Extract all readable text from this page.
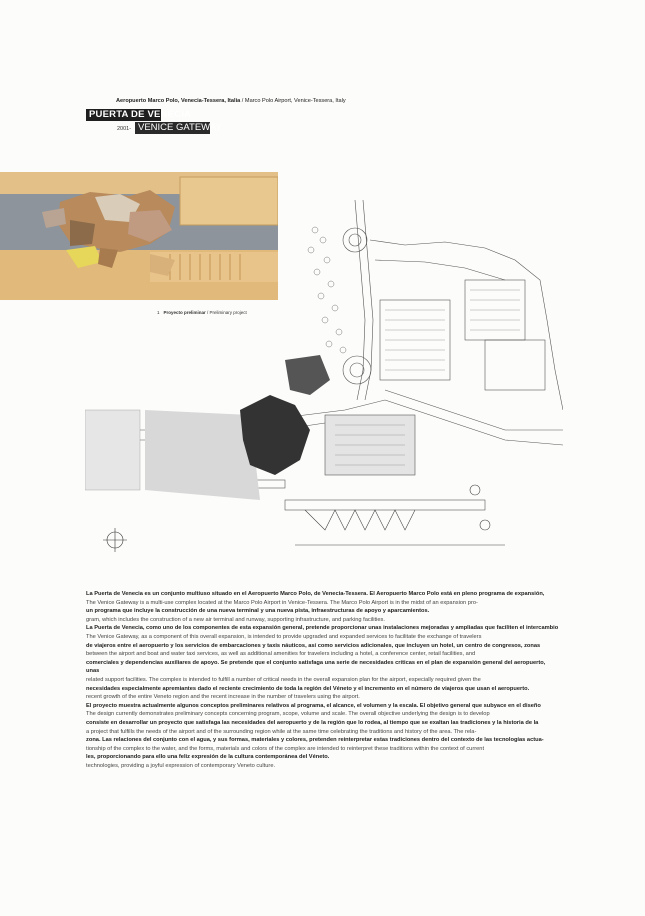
Aeropuerto Marco Polo, Venecia-Tessera, Italia / Marco Polo Airport, Venice-Tessera, Italy
PUERTA DE VENECIA
2001- VENICE GATEWAY
1 Proyecto preliminar / Preliminary project

La Puerta de Venecia es un conjunto multiuso situado en el Aeropuerto Marco Polo, de Venecia-Tessera. El Aeropuerto Marco Polo está en pleno programa de expansión,

The Venice Gateway is a multi-use complex located at the Marco Polo Airport in Venice-Tessera. The Marco Polo Airport is in the midst of an expansion pro-

un programa que incluye la construcción de una nueva terminal y una nueva pista, infraestructuras de apoyo y aparcamientos.

gram, which includes the construction of a new air terminal and runway, supporting infrastructure, and parking facilities.

La Puerta de Venecia, como uno de los componentes de esta expansión general, pretende proporcionar unas instalaciones mejoradas y ampliadas que faciliten el intercambio

The Venice Gateway, as a component of this overall expansion, is intended to provide upgraded and expanded services to facilitate the exchange of travelers

de viajeros entre el aeropuerto y los servicios de embarcaciones y taxis náuticos, así como servicios adicionales, que incluyen un hotel, un centro de congresos, zonas

between the airport and boat and water taxi services, as well as additional amenities for travelers including a hotel, a conference center, retail facilities, and

comerciales y dependencias auxiliares de apoyo. Se pretende que el conjunto satisfaga una serie de necesidades críticas en el plan de expansión general del aeropuerto, unas

related support facilities. The complex is intended to fulfill a number of critical needs in the overall expansion plan for the airport, especially required given the

necesidades especialmente apremiantes dado el reciente crecimiento de toda la región del Véneto y el incremento en el número de viajeros que usan el aeropuerto.

recent growth of the entire Veneto region and the recent increase in the number of travelers using the airport.

El proyecto muestra actualmente algunos conceptos preliminares relativos al programa, el alcance, el volumen y la escala. El objetivo general que subyace en el diseño

The design currently demonstrates preliminary concepts concerning program, scope, volume and scale. The overall objective underlying the design is to develop

consiste en desarrollar un proyecto que satisfaga las necesidades del aeropuerto y de la región que lo rodea, al tiempo que se exaltan las tradiciones y la historia de la

a project that fulfills the needs of the airport and of the surrounding region while at the same time celebrating the traditions and history of the area. The rela-

zona. Las relaciones del conjunto con el agua, y sus formas, materiales y colores, pretenden reinterpretar estas tradiciones dentro del contexto de las tecnologías actua-

tionship of the complex to the water, and the forms, materials and colors of the complex are intended to reinterpret these traditions within the context of current

les, proporcionando para ello una feliz expresión de la cultura contemporánea del Véneto.

technologies, providing a joyful expression of contemporary Veneto culture.
